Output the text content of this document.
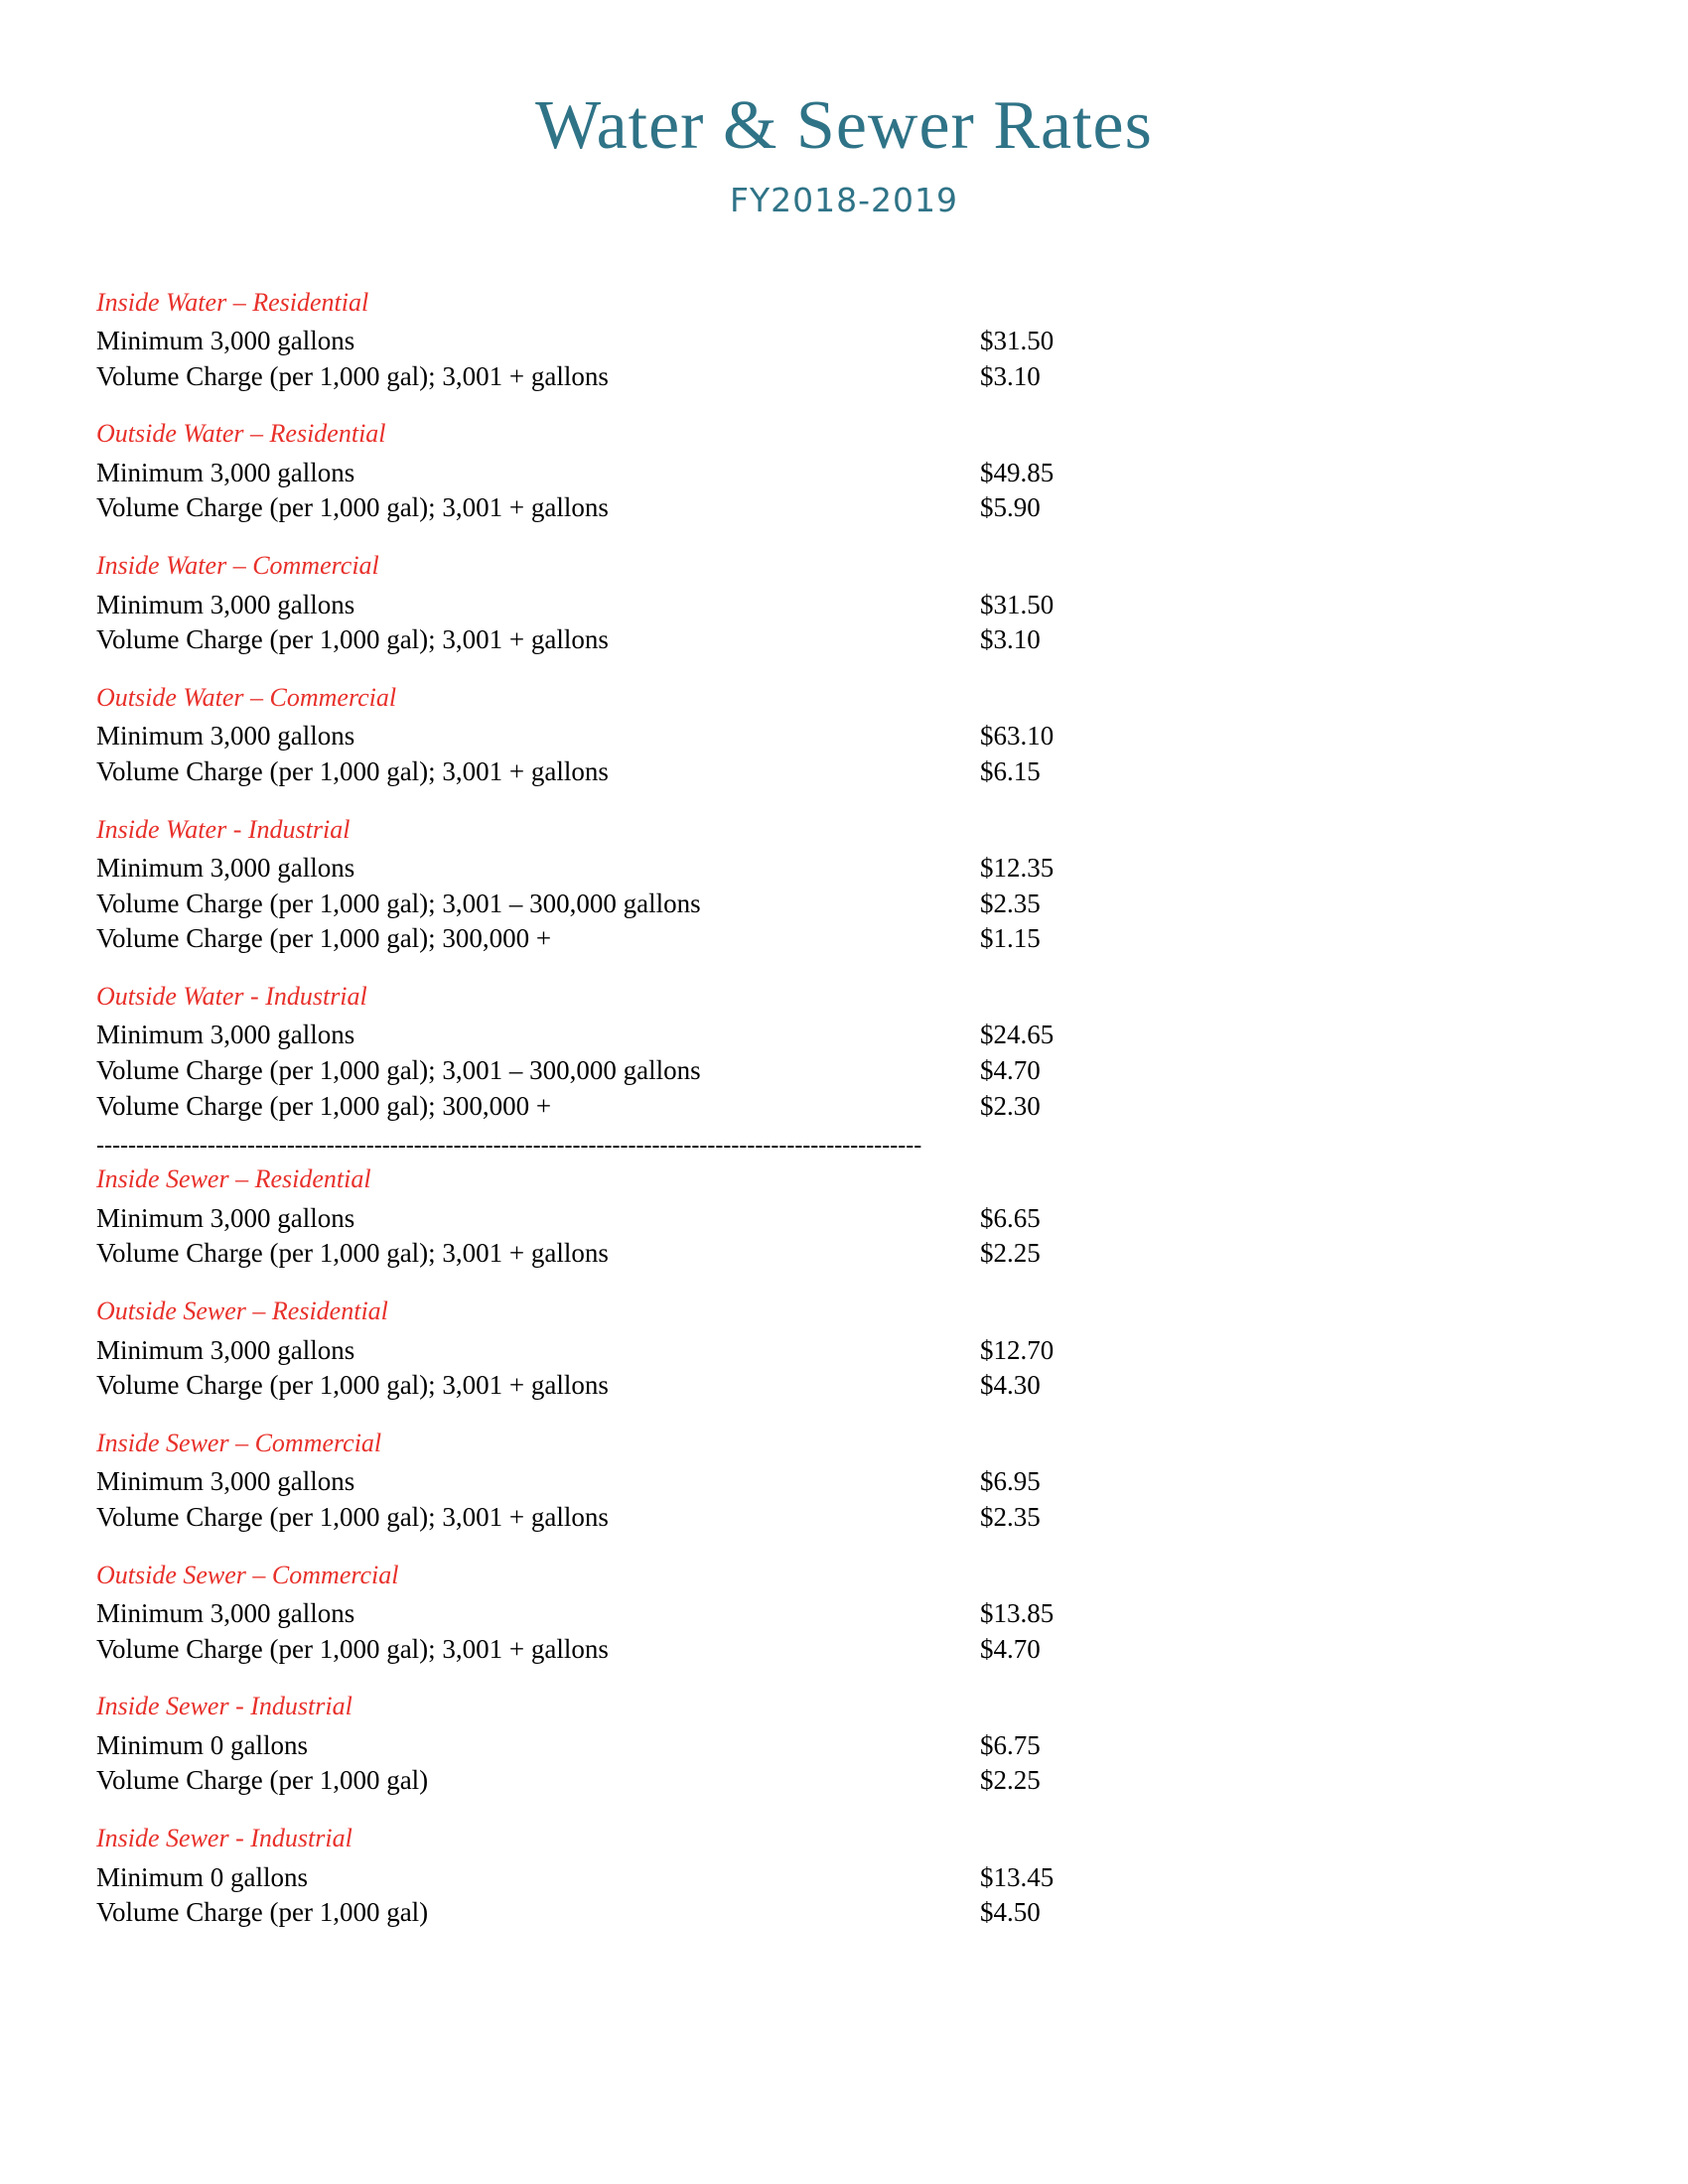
Water & Sewer Rates
FY2018-2019
Inside Water – Residential
Minimum 3,000 gallons	$31.50
Volume Charge (per 1,000 gal); 3,001 + gallons	$3.10
Outside Water – Residential
Minimum 3,000 gallons	$49.85
Volume Charge (per 1,000 gal); 3,001 + gallons	$5.90
Inside Water – Commercial
Minimum 3,000 gallons	$31.50
Volume Charge (per 1,000 gal); 3,001 + gallons	$3.10
Outside Water – Commercial
Minimum 3,000 gallons	$63.10
Volume Charge (per 1,000 gal); 3,001 + gallons	$6.15
Inside Water - Industrial
Minimum 3,000 gallons	$12.35
Volume Charge (per 1,000 gal); 3,001 – 300,000 gallons	$2.35
Volume Charge (per 1,000 gal); 300,000 +	$1.15
Outside Water - Industrial
Minimum 3,000 gallons	$24.65
Volume Charge (per 1,000 gal); 3,001 – 300,000 gallons	$4.70
Volume Charge (per 1,000 gal); 300,000 +	$2.30
--------------------------------------------------------------------------------------------------------
Inside Sewer – Residential
Minimum 3,000 gallons	$6.65
Volume Charge (per 1,000 gal); 3,001 + gallons	$2.25
Outside Sewer – Residential
Minimum 3,000 gallons	$12.70
Volume Charge (per 1,000 gal); 3,001 + gallons	$4.30
Inside Sewer – Commercial
Minimum 3,000 gallons	$6.95
Volume Charge (per 1,000 gal); 3,001 + gallons	$2.35
Outside Sewer – Commercial
Minimum 3,000 gallons	$13.85
Volume Charge (per 1,000 gal); 3,001 + gallons	$4.70
Inside Sewer - Industrial
Minimum 0 gallons	$6.75
Volume Charge (per 1,000 gal)	$2.25
Inside Sewer - Industrial
Minimum 0 gallons	$13.45
Volume Charge (per 1,000 gal)	$4.50
